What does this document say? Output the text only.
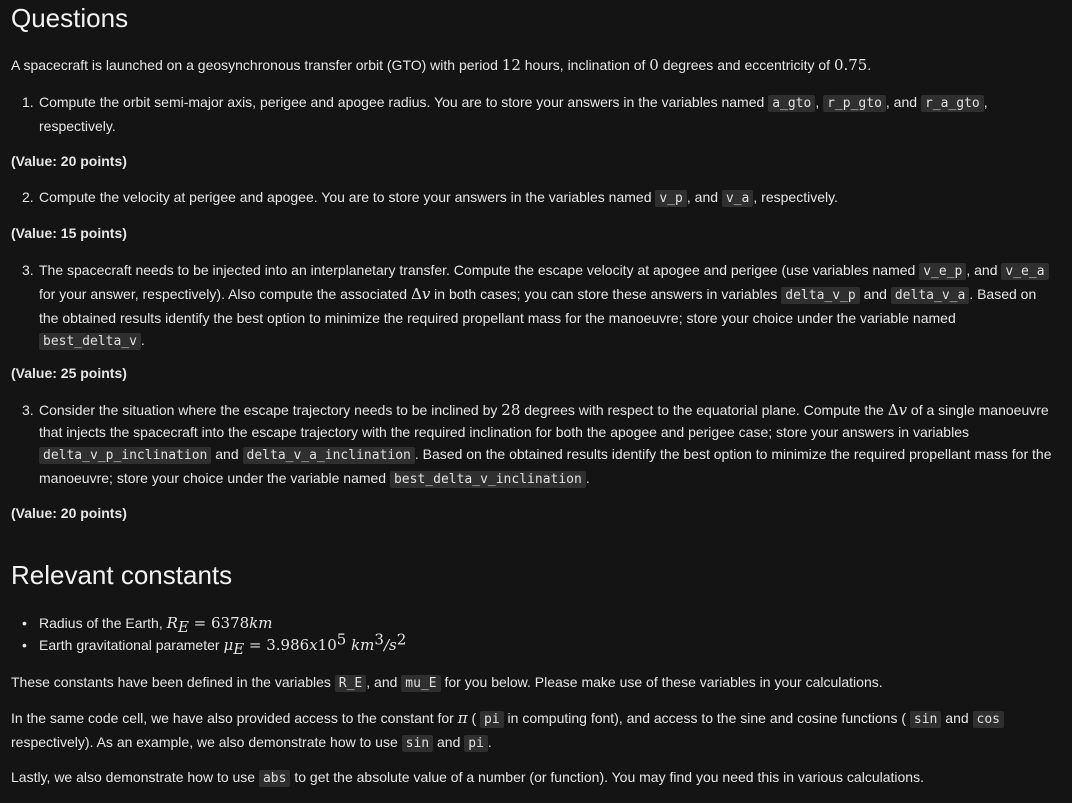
Questions

A spacecraft is launched on a geosynchronous transfer orbit (GTO) with period 12 hours, inclination of 0 degrees and eccentricity of 0.75.

1. Compute the orbit semi-major axis, perigee and apogee radius. You are to store your answers in the variables named a_gto , r_p_gto , and r_a_gto ,
respectively.

(Value: 20 points)

2. Compute the velocity at perigee and apogee. You are to store your answers in the variables named v_p , and v_a , respectively.

(Value: 15 points)

3. The spacecraft needs to be injected into an interplanetary transfer. Compute the escape velocity at apogee and perigee (use variables named v_e_p , and v_e_a for your answer, respectively). Also compute the associated Δv in both cases; you can store these answers in variables delta_v_p and delta_v_a . Based on the obtained results identify the best option to minimize the required propellant mass for the manoeuvre; store your choice under the variable named best_delta_v .

(Value: 25 points)

3. Consider the situation where the escape trajectory needs to be inclined by 28 degrees with respect to the equatorial plane. Compute the Δv of a single manoeuvre that injects the spacecraft into the escape trajectory with the required inclination for both the apogee and perigee case; store your answers in variables delta_v_p_inclination and delta_v_a_inclination . Based on the obtained results identify the best option to minimize the required propellant mass for the manoeuvre; store your choice under the variable named best_delta_v_inclination .

(Value: 20 points)

Relevant constants
• Radius of the Earth, $R_E = 6378km$
• Earth gravitational parameter $\mu_E = 3.986x10^5$ $km^3/s^2$

These constants have been defined in the variables R_E , and mu_E for you below. Please make use of these variables in your calculations.

In the same code cell, we have also provided access to the constant for π ( pi in computing font), and access to the sine and cosine functions ( sin and cos
respectively). As an example, we also demonstrate how to use sin and pi .

Lastly, we also demonstrate how to use abs to get the absolute value of a number (or function). You may find you need this in various calculations.
